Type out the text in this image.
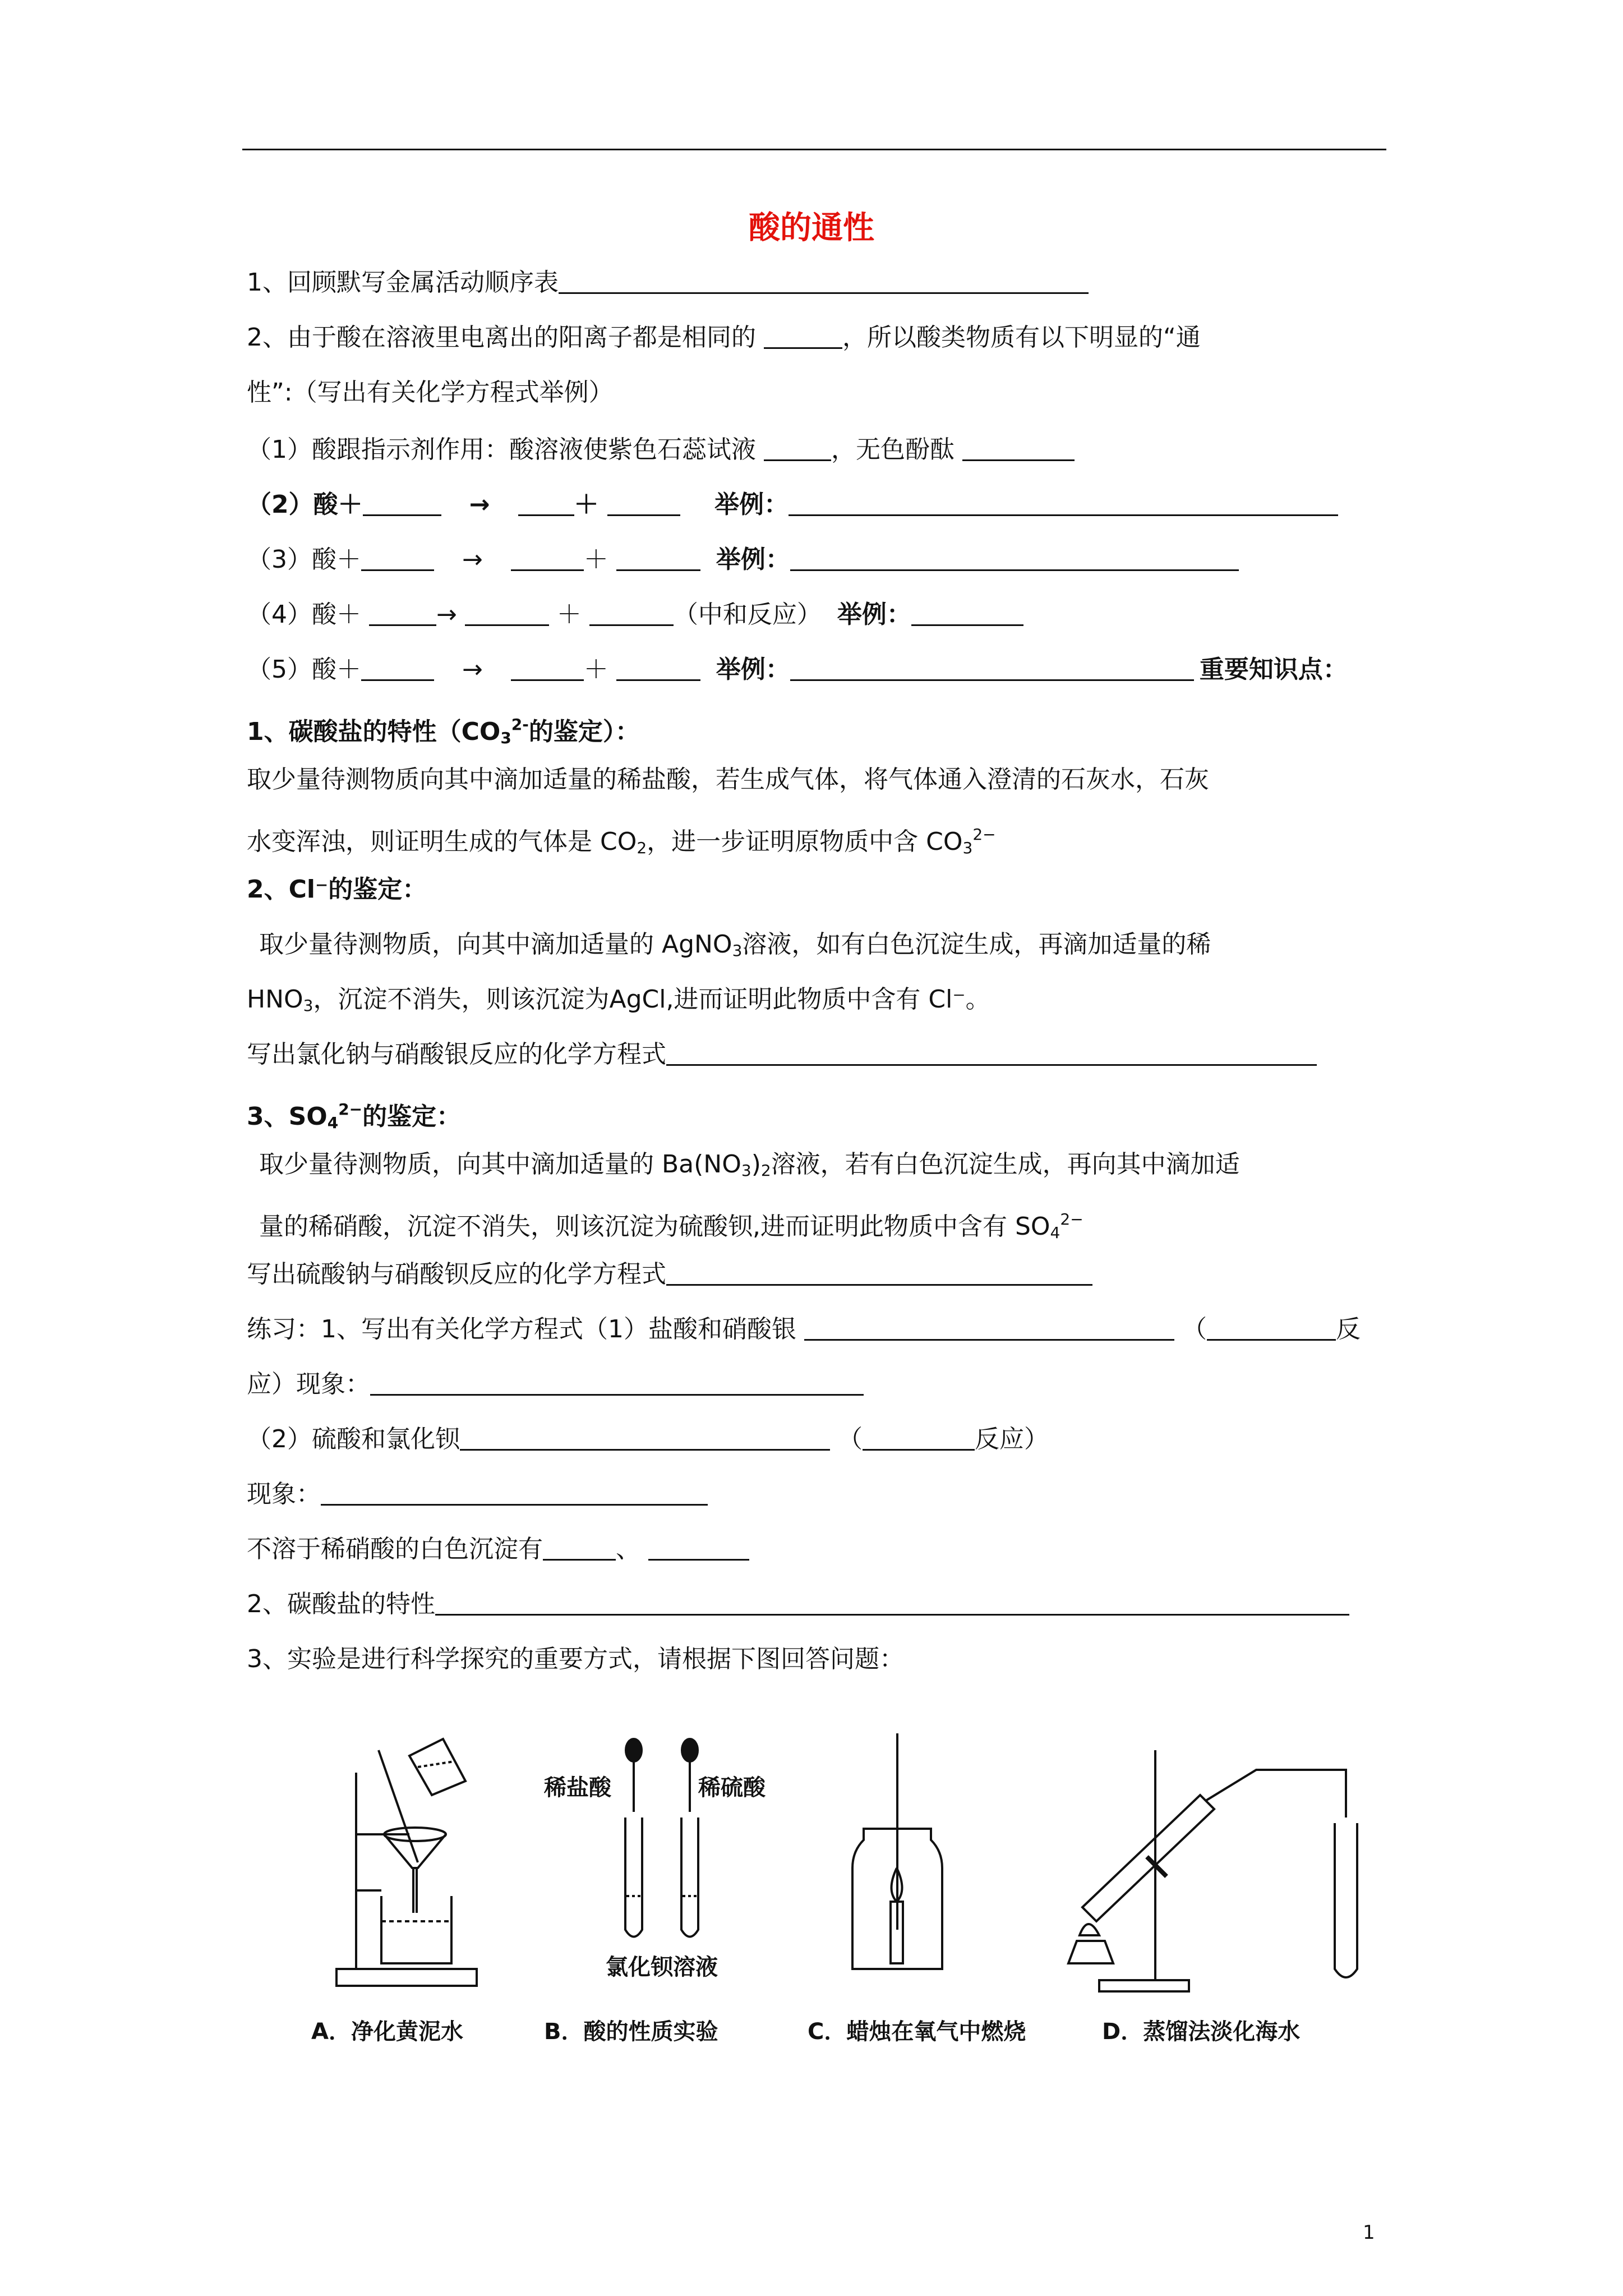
酸的通性
1、回顾默写金属活动顺序表
2、由于酸在溶液里电离出的阳离子都是相同的	，所以酸类物质有以下明显的“通
性”:（写出有关化学方程式举例）
（1）酸跟指示剂作用：酸溶液使紫色石蕊试液	，无色酚酞
（2）酸＋	→	＋	举例：
（3）酸＋	→	＋	举例：
（4）酸＋	→	＋	（中和反应） 举例：
（5）酸＋	→	＋	举例：	重要知识点：
1、碳酸盐的特性（$CO_3^{2-}$的鉴定）：
取少量待测物质向其中滴加适量的稀盐酸，若生成气体，将气体通入澄清的石灰水，石灰
水变浑浊，则证明生成的气体是 $CO_2$，进一步证明原物质中含 $CO_3^{2-}$
2、Cl⁻的鉴定：
取少量待测物质，向其中滴加适量的 AgNO$_3$溶液，如有白色沉淀生成，再滴加适量的稀
$HNO_3$，沉淀不消失，则该沉淀为AgCl,进而证明此物质中含有 Cl⁻。
写出氯化钠与硝酸银反应的化学方程式
3、$SO_4^{2-}$的鉴定：
取少量待测物质，向其中滴加适量的 $Ba(NO_3)_2$溶液，若有白色沉淀生成，再向其中滴加适
量的稀硝酸，沉淀不消失，则该沉淀为硫酸钡,进而证明此物质中含有 $SO_4^{2-}$
写出硫酸钠与硝酸钡反应的化学方程式
练习：1、写出有关化学方程式（1）盐酸和硝酸银	（	反
应）现象：
（2）硫酸和氯化钡	（	反应）
现象：
不溶于稀硝酸的白色沉淀有	、
2、碳酸盐的特性
3、实验是进行科学探究的重要方式，请根据下图回答问题：
稀盐酸	稀硫酸
氯化钡溶液
A．净化黄泥水	B．酸的性质实验	C．蜡烛在氧气中燃烧	D．蒸馏法淡化海水
1
